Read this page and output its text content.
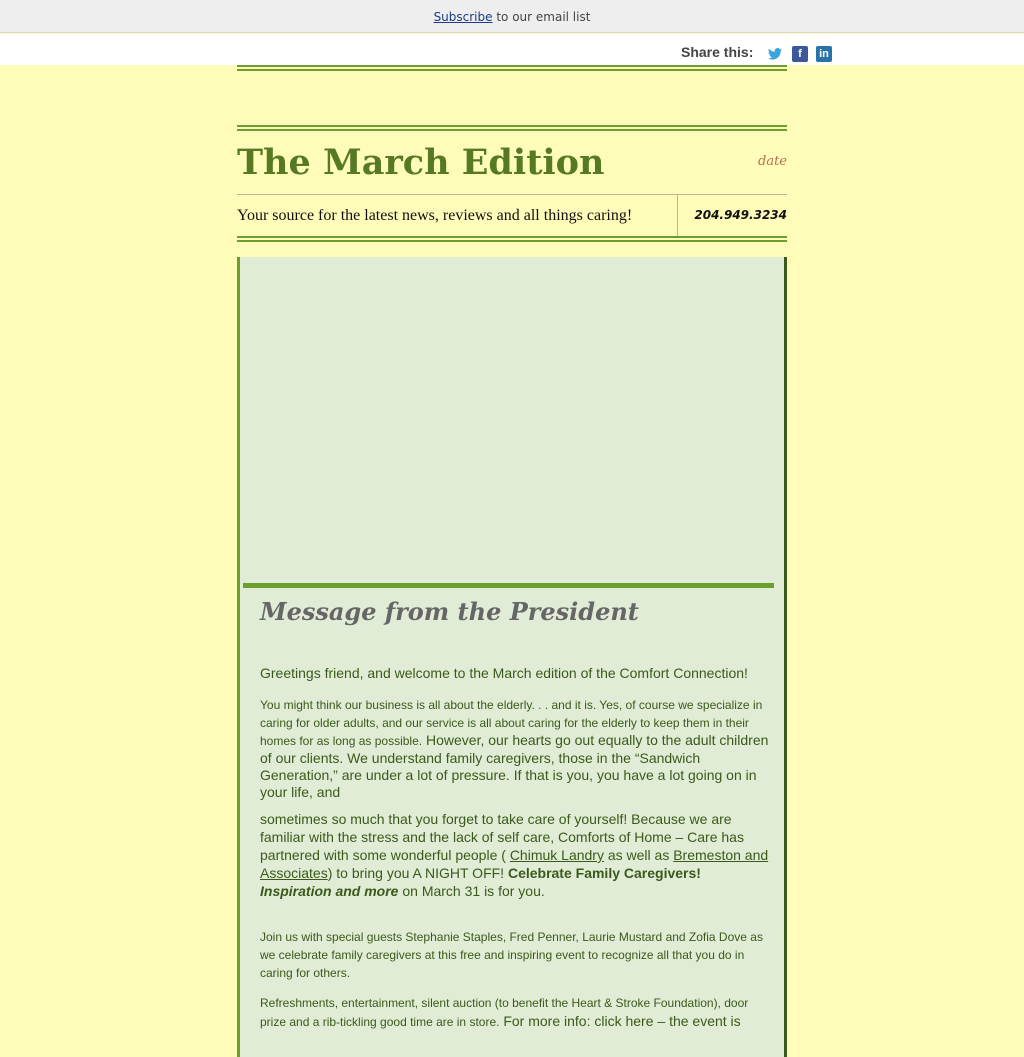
Subscribe to our email list
Share this:	f	in
The March Edition	date
Your source for the latest news, reviews and all things caring!	204.949.3234
Message from the President

Greetings friend, and welcome to the March edition of the Comfort Connection!

You might think our business is all about the elderly. . . and it is. Yes, of course we specialize in caring for older adults, and our service is all about caring for the elderly to keep them in their homes for as long as possible. However, our hearts go out equally to the adult children of our clients. We understand family caregivers, those in the “Sandwich Generation,” are under a lot of pressure. If that is you, you have a lot going on in your life, and

sometimes so much that you forget to take care of yourself! Because we are familiar with the stress and the lack of self care, Comforts of Home – Care has partnered with some wonderful people ( Chimuk Landry as well as Bremeston and Associates) to bring you A NIGHT OFF! Celebrate Family Caregivers! Inspiration and more on March 31 is for you.

Join us with special guests Stephanie Staples, Fred Penner, Laurie Mustard and Zofia Dove as we celebrate family caregivers at this free and inspiring event to recognize all that you do in caring for others.

Refreshments, entertainment, silent auction (to benefit the Heart & Stroke Foundation), door prize and a rib-tickling good time are in store. For more info: click here – the event is
